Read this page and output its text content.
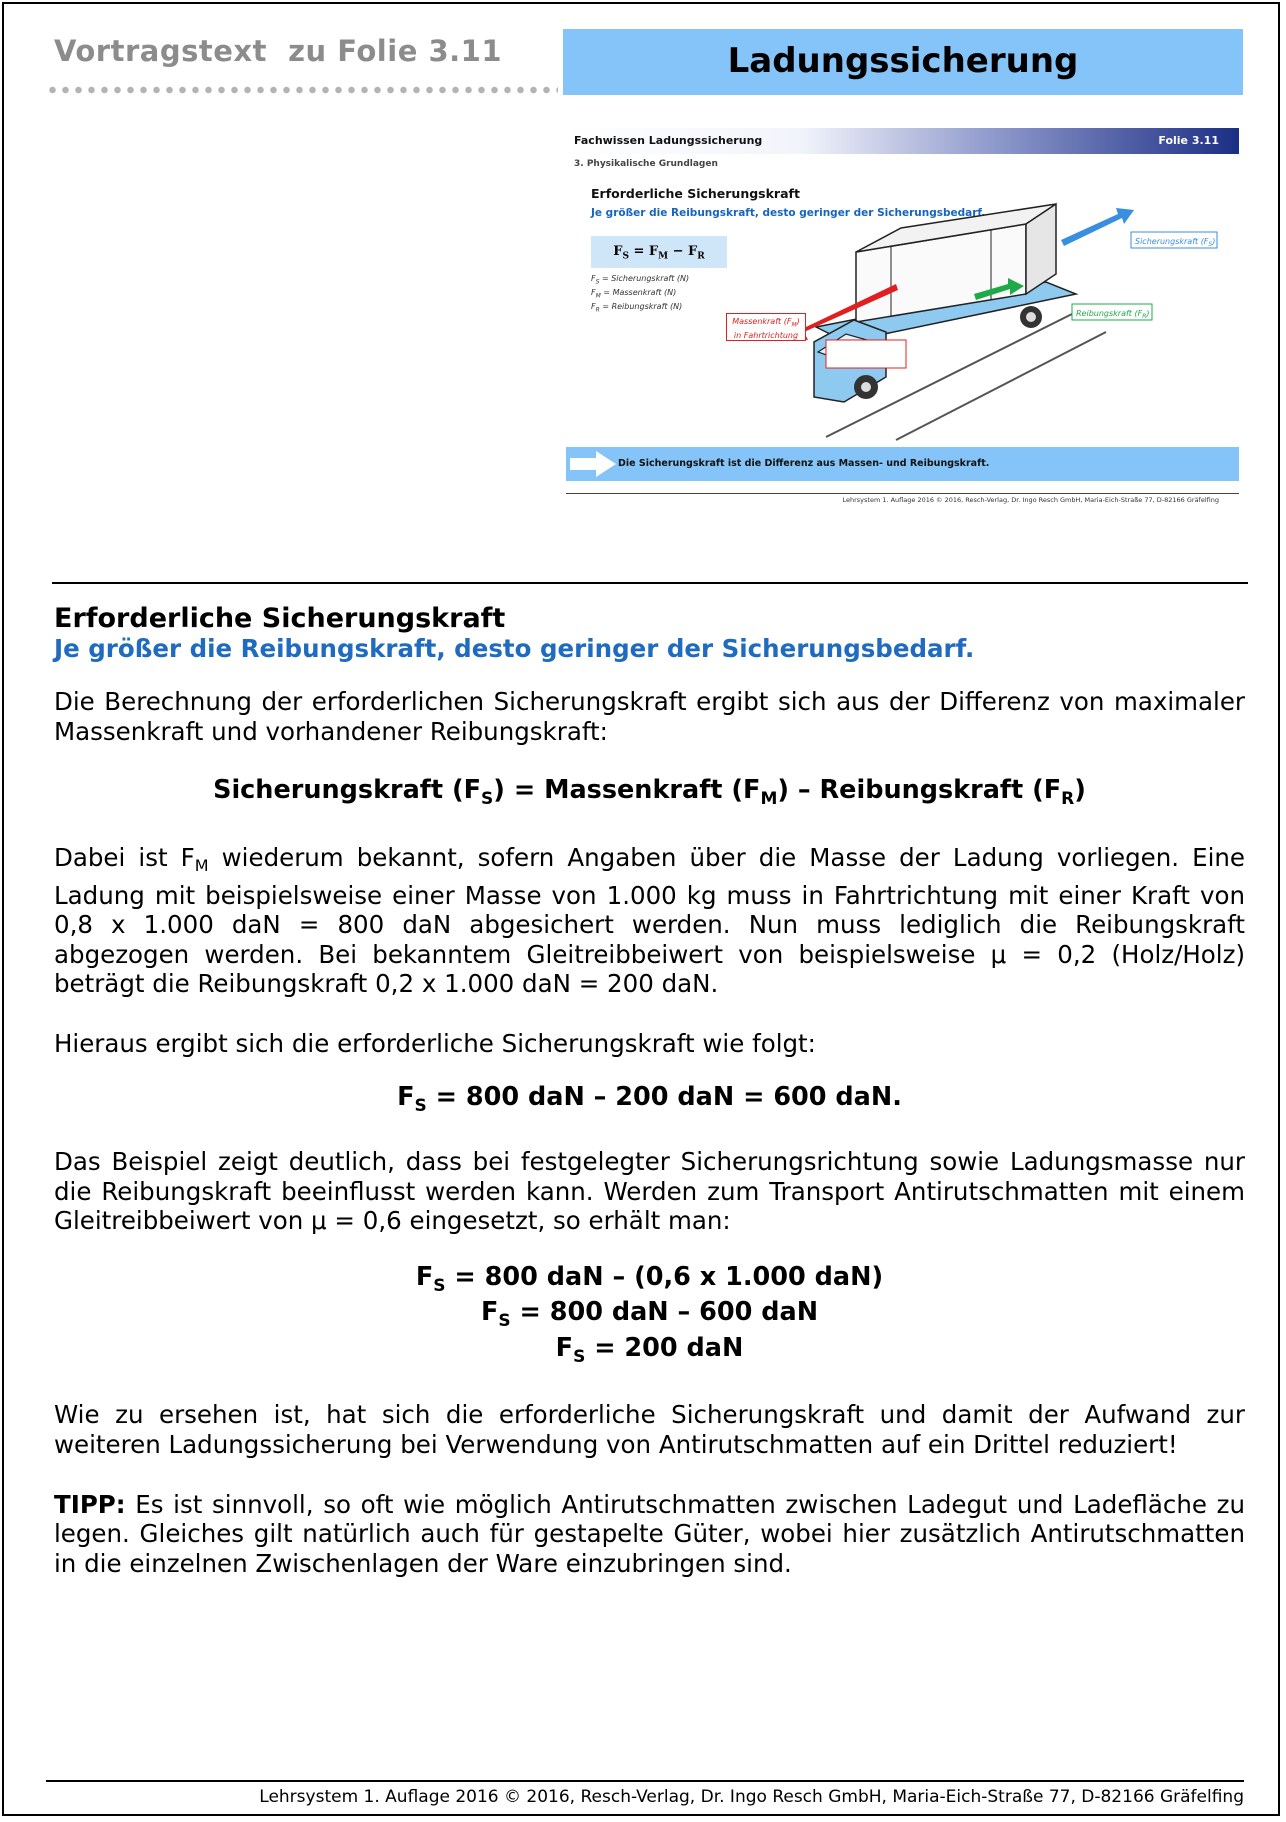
Vortragstext  zu Folie 3.11	Ladungssicherung
Fachwissen Ladungssicherung	Folie 3.11
3. Physikalische Grundlagen
Erforderliche Sicherungskraft
Je größer die Reibungskraft, desto geringer der Sicherungsbedarf.
$F_S = F_M - F_R$
$F_S$ = Sicherungskraft (N)
$F_M$ = Massenkraft (N)
$F_R$ = Reibungskraft (N)
Sicherungskraft $(F_S)$
Reibungskraft $(F_R)$
Massenkraft $(F_M)$
in Fahrtrichtung
Die Sicherungskraft ist die Differenz aus Massen- und Reibungskraft.
Lehrsystem 1. Auflage 2016 © 2016, Resch-Verlag, Dr. Ingo Resch GmbH, Maria-Eich-Straße 77, D-82166 Gräfelfing
Erforderliche Sicherungskraft

Je größer die Reibungskraft, desto geringer der Sicherungsbedarf.

Die Berechnung der erforderlichen Sicherungskraft ergibt sich aus der Differenz von maximaler Massenkraft und vorhandener Reibungskraft:

Sicherungskraft $(F_S)$ = Massenkraft $(F_M)$ – Reibungskraft $(F_R)$

Dabei ist $F_M$ wiederum bekannt, sofern Angaben über die Masse der Ladung vorliegen. Eine Ladung mit beispielsweise einer Masse von 1.000 kg muss in Fahrtrichtung mit einer Kraft von 0,8 x 1.000 daN = 800 daN abgesichert werden. Nun muss lediglich die Reibungskraft abgezogen werden. Bei bekanntem Gleitreibbeiwert von beispielsweise μ = 0,2 (Holz/Holz) beträgt die Reibungskraft 0,2 x 1.000 daN = 200 daN.

Hieraus ergibt sich die erforderliche Sicherungskraft wie folgt:

$F_S = 800$ daN – 200 daN = 600 daN.

Das Beispiel zeigt deutlich, dass bei festgelegter Sicherungsrichtung sowie Ladungsmasse nur die Reibungskraft beeinflusst werden kann. Werden zum Transport Antirutschmatten mit einem Gleitreibbeiwert von μ = 0,6 eingesetzt, so erhält man:

$F_S = 800$ daN – (0,6 x 1.000 daN)
$F_S = 800$ daN – 600 daN
$F_S = 200$ daN

Wie zu ersehen ist, hat sich die erforderliche Sicherungskraft und damit der Aufwand zur weiteren Ladungssicherung bei Verwendung von Antirutschmatten auf ein Drittel reduziert!

TIPP: Es ist sinnvoll, so oft wie möglich Antirutschmatten zwischen Ladegut und Ladefläche zu legen. Gleiches gilt natürlich auch für gestapelte Güter, wobei hier zusätzlich Antirutschmatten in die einzelnen Zwischenlagen der Ware einzubringen sind.

Lehrsystem 1. Auflage 2016 © 2016, Resch-Verlag, Dr. Ingo Resch GmbH, Maria-Eich-Straße 77, D-82166 Gräfelfing
